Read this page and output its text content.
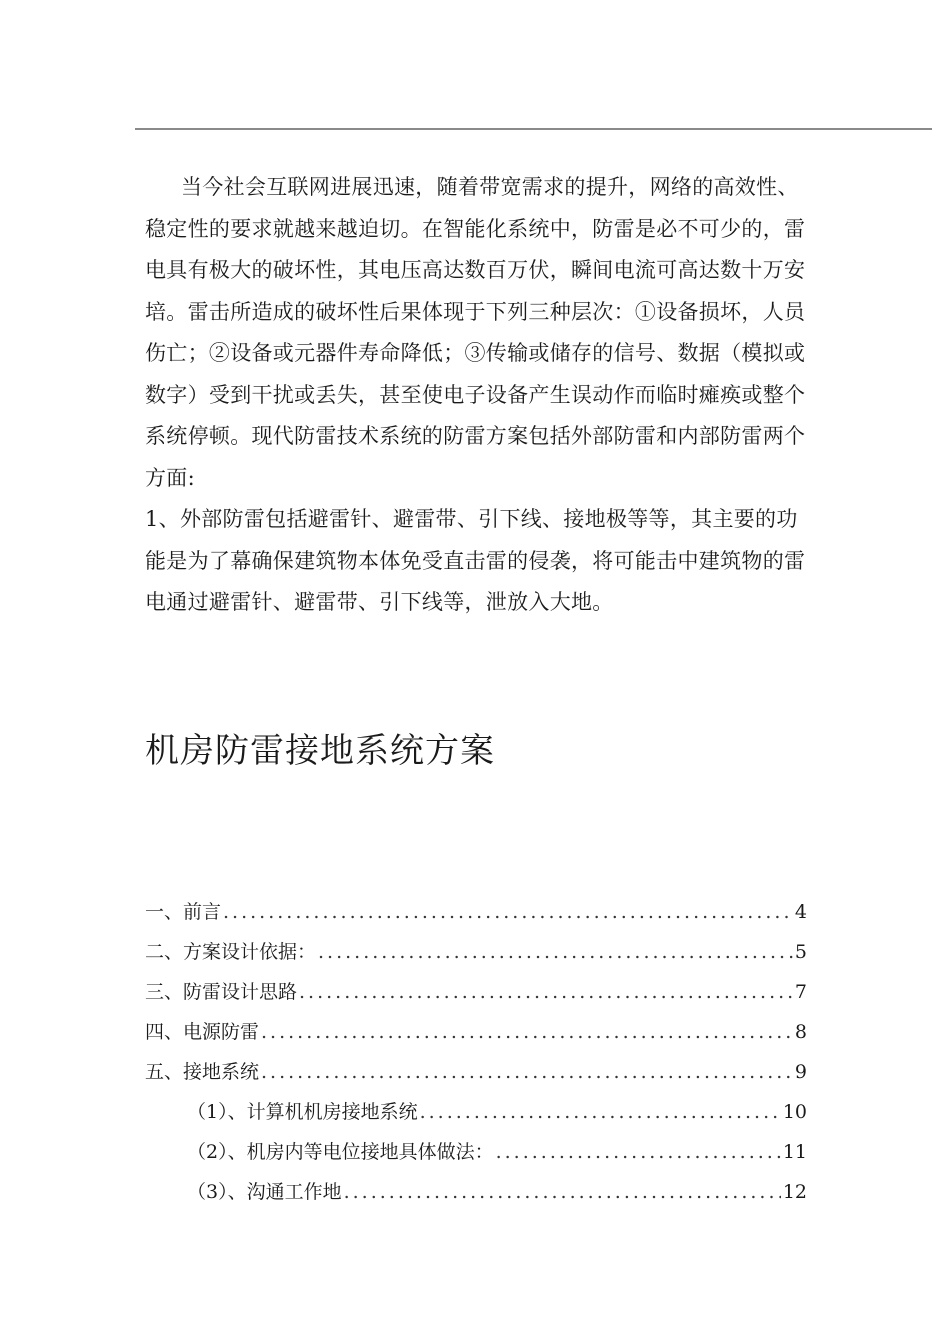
当今社会互联网进展迅速，随着带宽需求的提升，网络的高效性、稳定性的要求就越来越迫切。在智能化系统中，防雷是必不可少的，雷电具有极大的破坏性，其电压高达数百万伏，瞬间电流可高达数十万安培。雷击所造成的破坏性后果体现于下列三种层次：①设备损坏，人员伤亡；②设备或元器件寿命降低；③传输或储存的信号、数据（模拟或数字）受到干扰或丢失，甚至使电子设备产生误动作而临时瘫痪或整个系统停顿。现代防雷技术系统的防雷方案包括外部防雷和内部防雷两个方面:

1、外部防雷包括避雷针、避雷带、引下线、接地极等等，其主要的功能是为了幕确保建筑物本体免受直击雷的侵袭，将可能击中建筑物的雷电通过避雷针、避雷带、引下线等，泄放入大地。

机房防雷接地系统方案
一、前言 .....	4
二、方案设计依据： .....	5
三、防雷设计思路 .....	7
四、电源防雷 .....	8
五、接地系统 .....	9
（1）、计算机机房接地系统 .....	10
（2）、机房内等电位接地具体做法： .....	11
（3）、沟通工作地 .....	12
